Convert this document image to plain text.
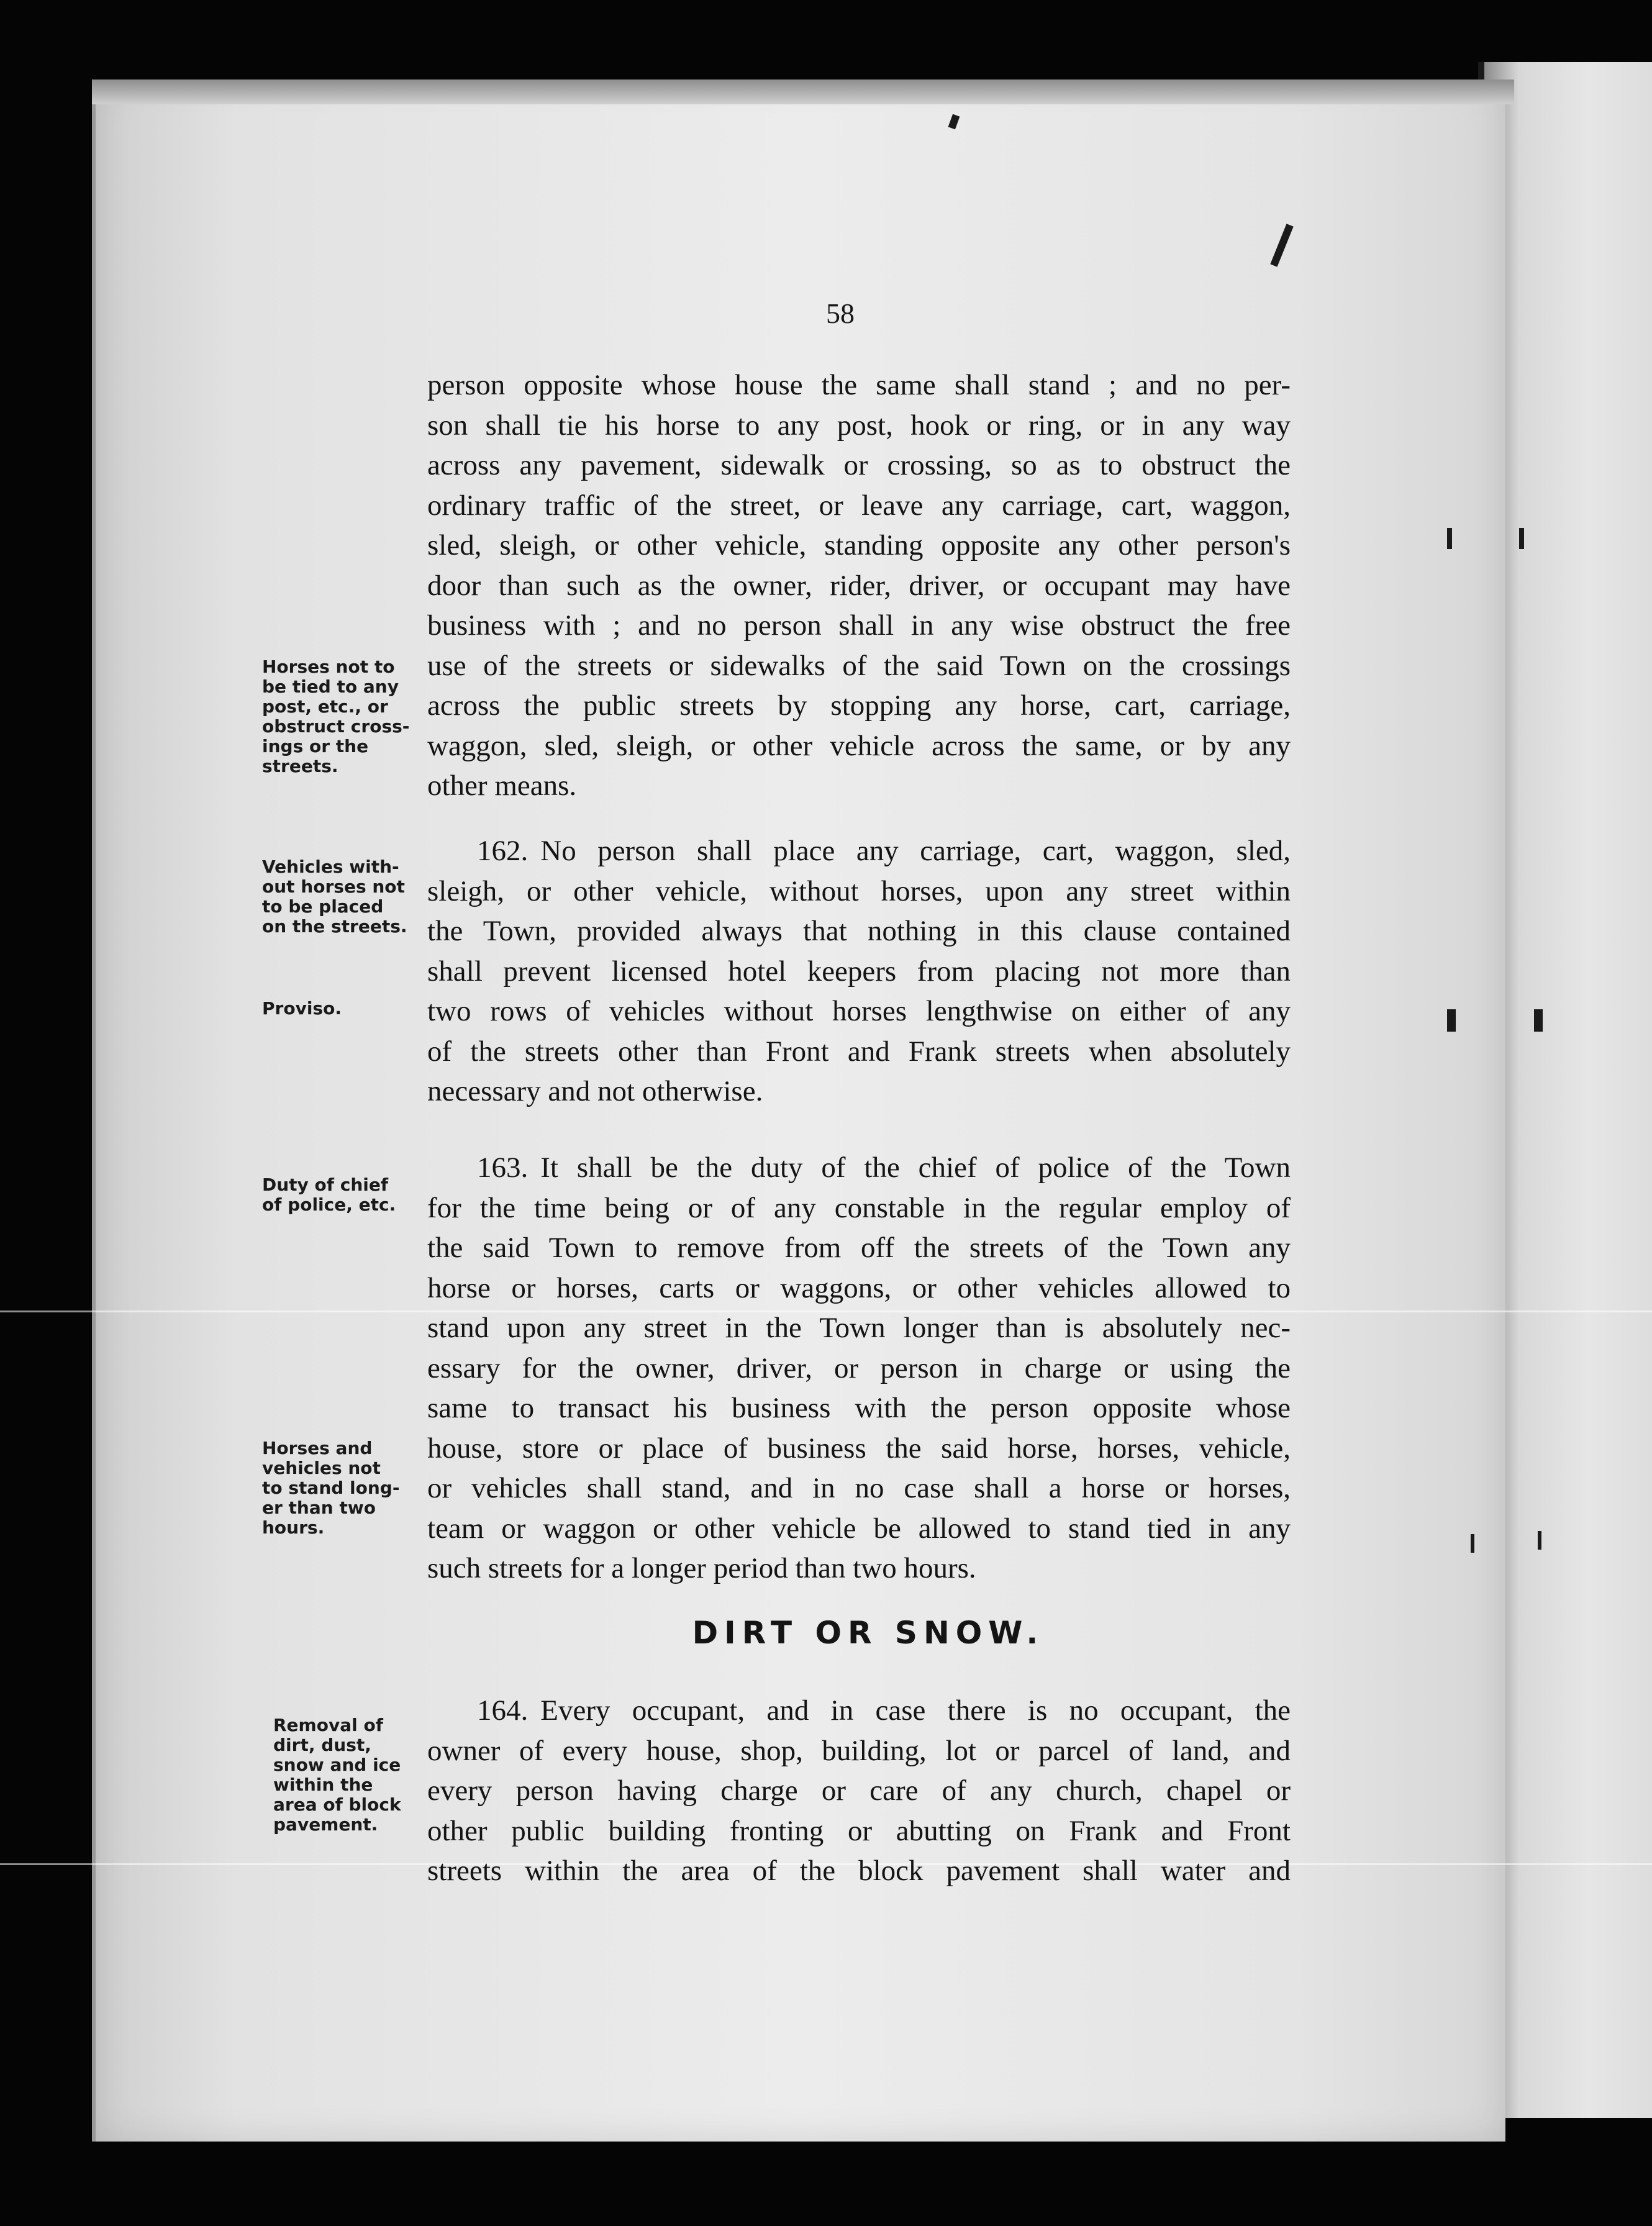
58
person opposite whose house the same shall stand ; and no per-
son shall tie his horse to any post, hook or ring, or in any way
across any pavement, sidewalk or crossing, so as to obstruct the
ordinary traffic of the street, or leave any carriage, cart, waggon,
sled, sleigh, or other vehicle, standing opposite any other person's
door than such as the owner, rider, driver, or occupant may have
business with ; and no person shall in any wise obstruct the free
use of the streets or sidewalks of the said Town on the crossings
across the public streets by stopping any horse, cart, carriage,
waggon, sled, sleigh, or other vehicle across the same, or by any
other means.
162. No person shall place any carriage, cart, waggon, sled,
sleigh, or other vehicle, without horses, upon any street within
the Town, provided always that nothing in this clause contained
shall prevent licensed hotel keepers from placing not more than
two rows of vehicles without horses lengthwise on either of any
of the streets other than Front and Frank streets when absolutely
necessary and not otherwise.
163. It shall be the duty of the chief of police of the Town
for the time being or of any constable in the regular employ of
the said Town to remove from off the streets of the Town any
horse or horses, carts or waggons, or other vehicles allowed to
stand upon any street in the Town longer than is absolutely nec-
essary for the owner, driver, or person in charge or using the
same to transact his business with the person opposite whose
house, store or place of business the said horse, horses, vehicle,
or vehicles shall stand, and in no case shall a horse or horses,
team or waggon or other vehicle be allowed to stand tied in any
such streets for a longer period than two hours.
DIRT OR SNOW.
164. Every occupant, and in case there is no occupant, the
owner of every house, shop, building, lot or parcel of land, and
every person having charge or care of any church, chapel or
other public building fronting or abutting on Frank and Front
streets within the area of the block pavement shall water and
Horses not to
be tied to any
post, etc., or
obstruct cross-
ings or the
streets.
Vehicles with-
out horses not
to be placed
on the streets.
Proviso.
Duty of chief
of police, etc.
Horses and
vehicles not
to stand long-
er than two
hours.
Removal of
dirt, dust,
snow and ice
within the
area of block
pavement.
